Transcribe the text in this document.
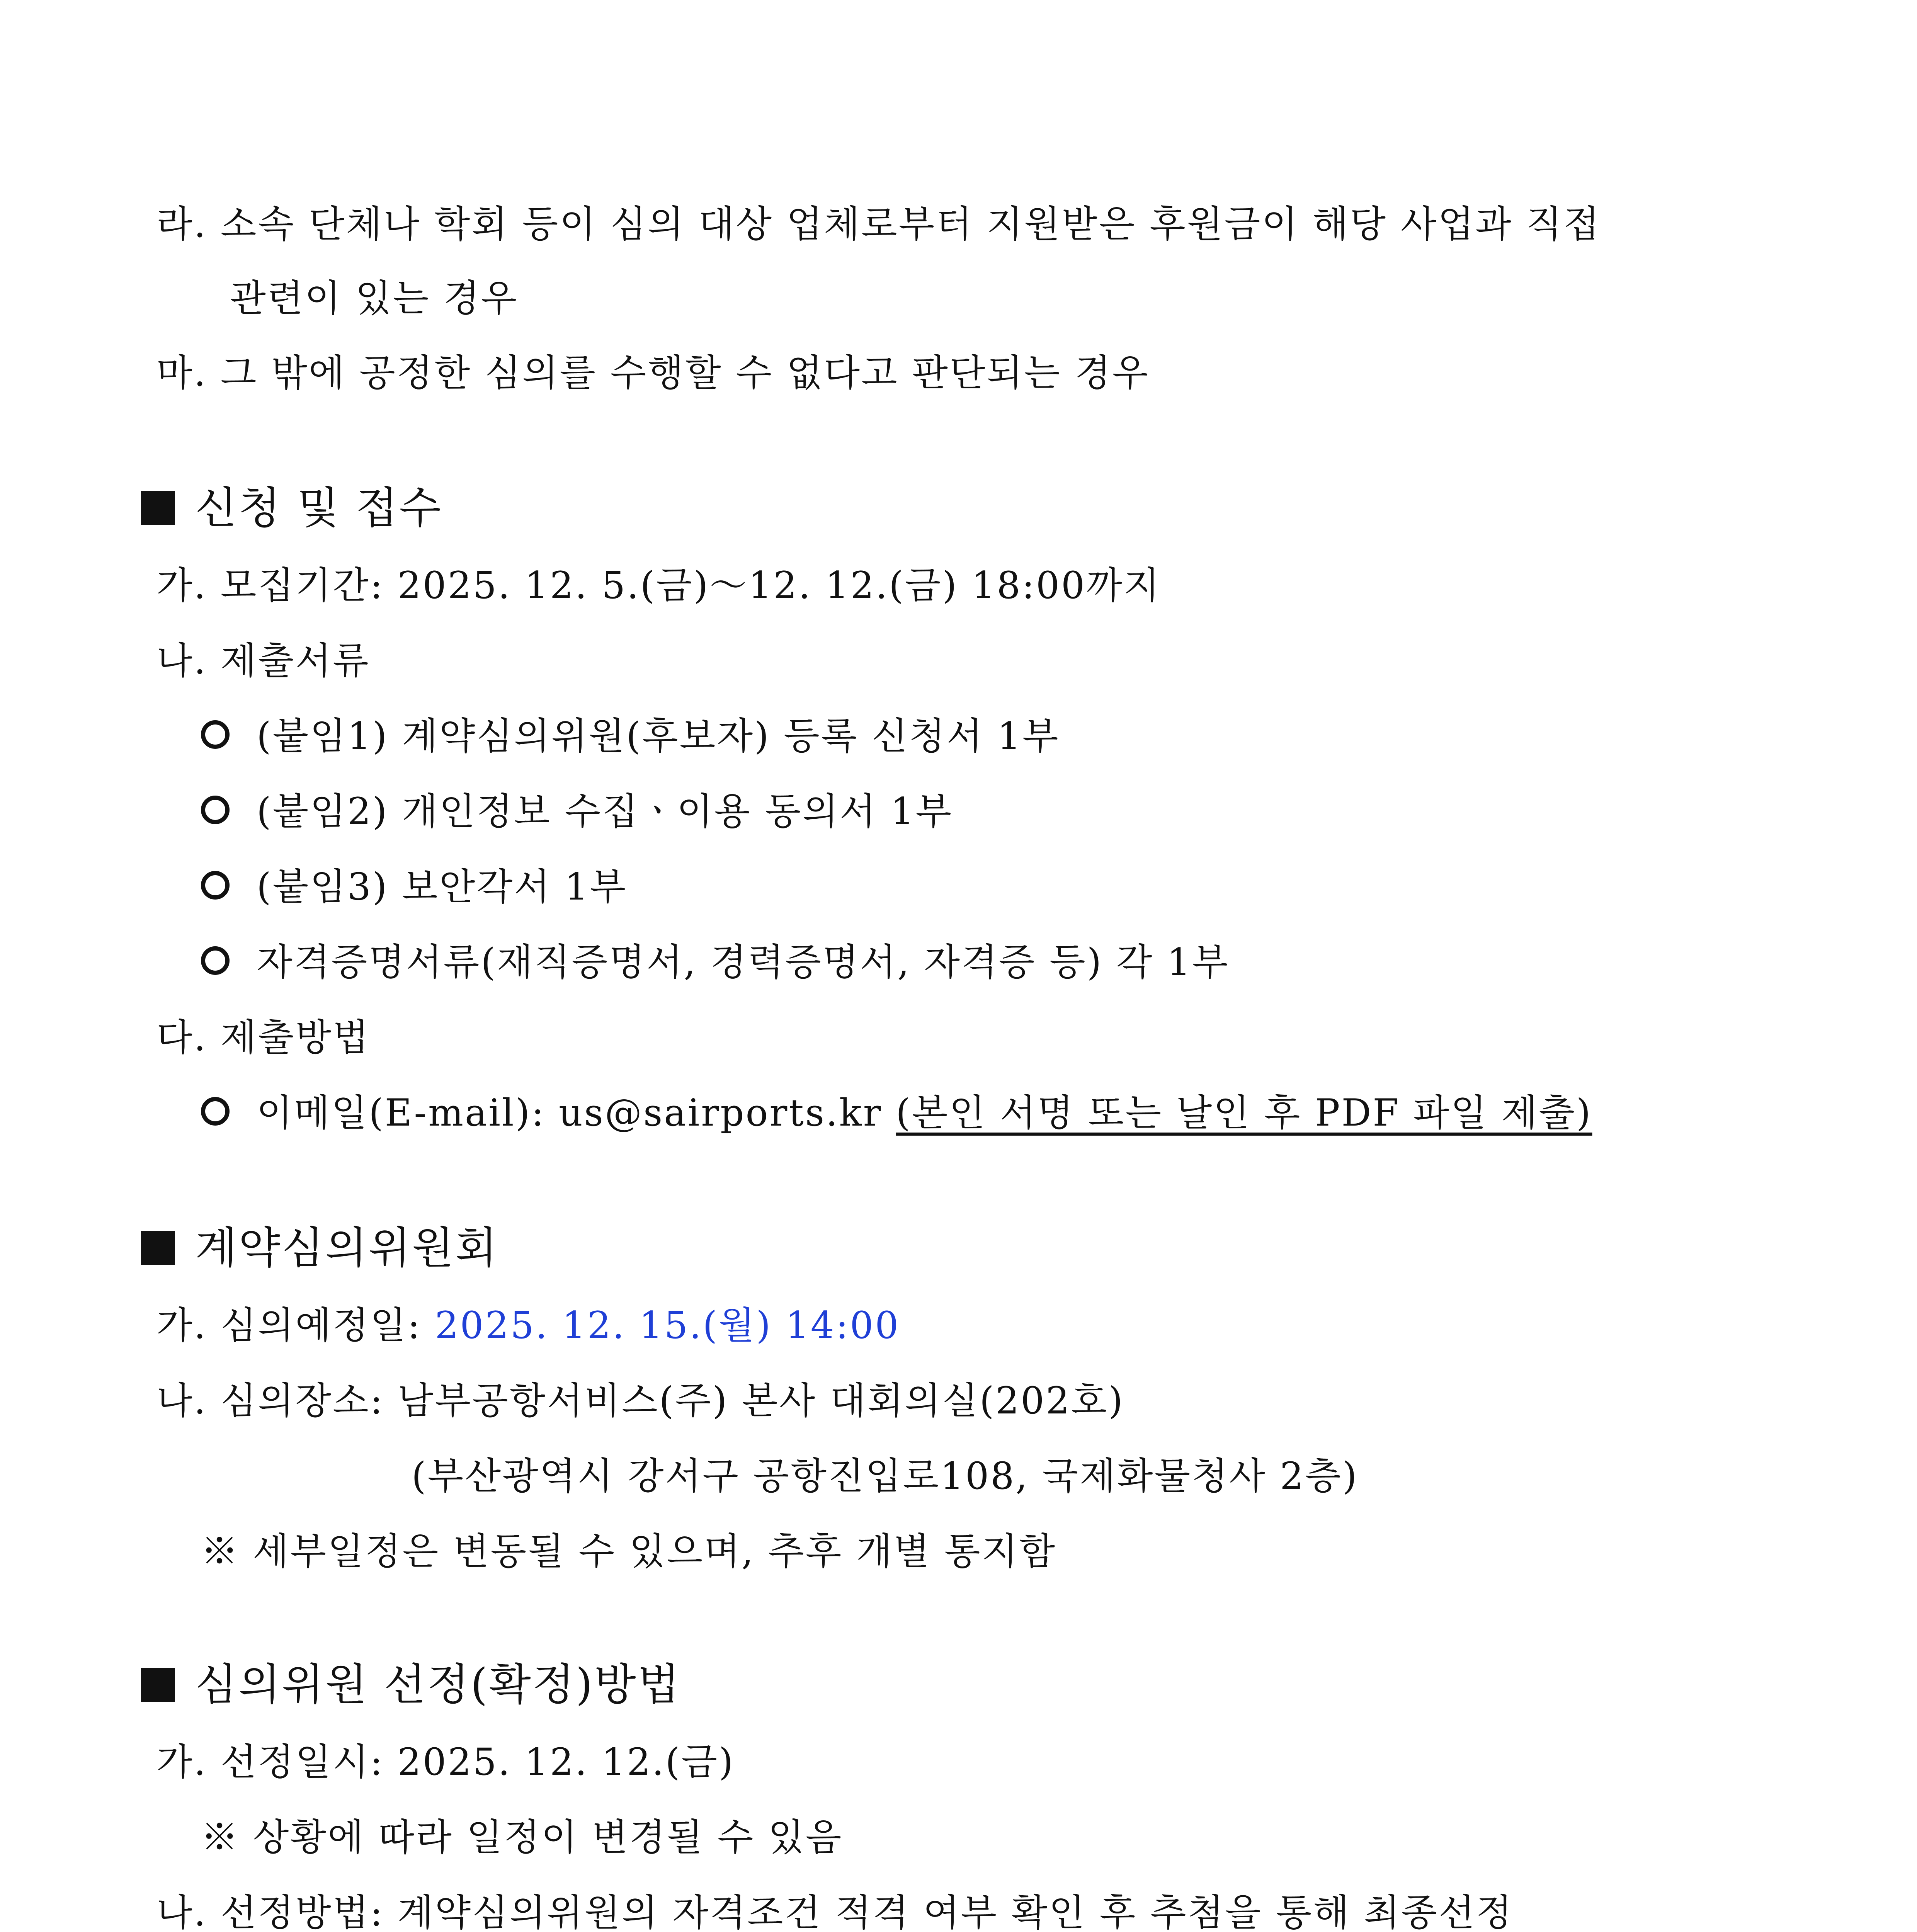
라. 소속 단체나 학회 등이 심의 대상 업체로부터 지원받은 후원금이 해당 사업과 직접
관련이 있는 경우
마. 그 밖에 공정한 심의를 수행할 수 없다고 판단되는 경우
신청 및 접수
가. 모집기간: 2025. 12. 5.(금)～12. 12.(금) 18:00까지
나. 제출서류
(붙임1) 계약심의위원(후보자) 등록 신청서 1부
(붙임2) 개인정보 수집ㆍ이용 동의서 1부
(붙임3) 보안각서 1부
자격증명서류(재직증명서, 경력증명서, 자격증 등) 각 1부
다. 제출방법
이메일(E-mail): us@sairports.kr (본인 서명 또는 날인 후 PDF 파일 제출)
계약심의위원회
가. 심의예정일: 2025. 12. 15.(월) 14:00
나. 심의장소: 남부공항서비스(주) 본사 대회의실(202호)
(부산광역시 강서구 공항진입로108, 국제화물청사 2층)
※ 세부일정은 변동될 수 있으며, 추후 개별 통지함
심의위원 선정(확정)방법
가. 선정일시: 2025. 12. 12.(금)
※ 상황에 따라 일정이 변경될 수 있음
나. 선정방법: 계약심의위원의 자격조건 적격 여부 확인 후 추첨을 통해 최종선정
